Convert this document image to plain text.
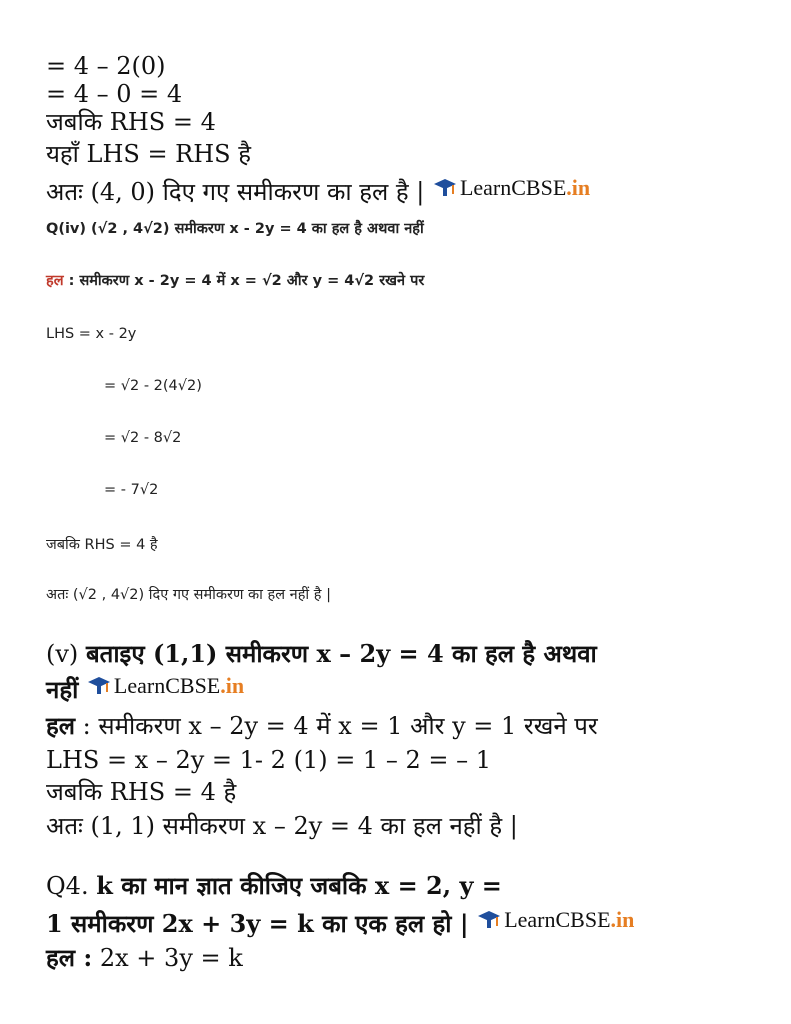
= 4 – 2(0)
= 4 – 0 = 4
जबकि RHS = 4
यहाँ LHS = RHS है
अतः (4, 0) दिए गए समीकरण का हल है | LearnCBSE .in
Q(iv) (√2 , 4√2) समीकरण x - 2y = 4 का हल है अथवा नहीं
हल : समीकरण x - 2y = 4 में x = √2 और y = 4√2 रखने पर
LHS = x - 2y
= √2 - 2(4√2)
= √2 - 8√2
= - 7√2
जबकि RHS = 4 है
अतः (√2 , 4√2) दिए गए समीकरण का हल नहीं है |
(v) बताइए (1,1) समीकरण x – 2y = 4 का हल है अथवा
नहीं LearnCBSE .in
हल : समीकरण x – 2y = 4 में x = 1 और y = 1 रखने पर
LHS = x – 2y = 1- 2 (1) = 1 – 2 = – 1
जबकि RHS = 4 है
अतः (1, 1) समीकरण x – 2y = 4 का हल नहीं है |
Q4. k का मान ज्ञात कीजिए जबकि x = 2, y =
1 समीकरण 2x + 3y = k का एक हल हो | LearnCBSE .in
हल : 2x + 3y = k
